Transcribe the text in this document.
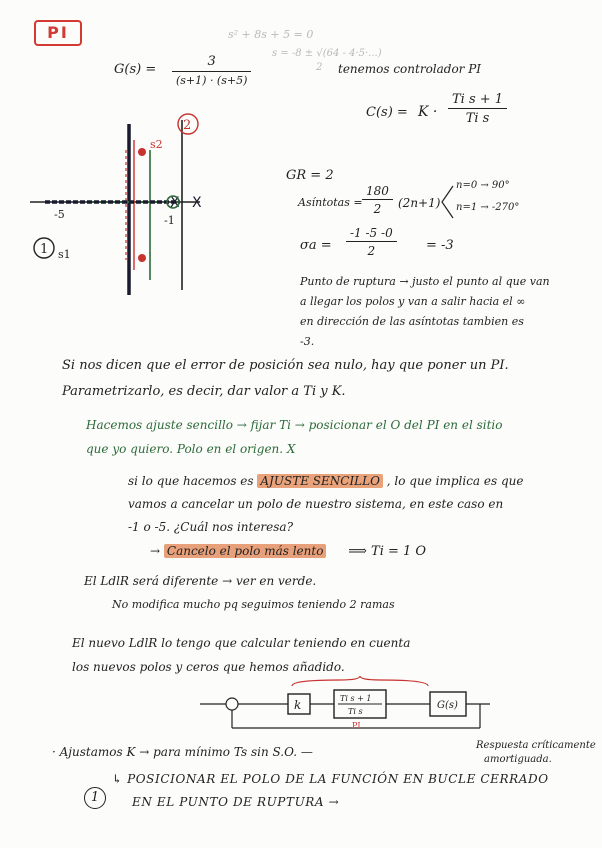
PI	s² + 8s + 5 = 0
s = -8 ± √(64 - 4·5·...)
2
$G(s) = \frac{3}{(s+1) \cdot (s+5)}$	tenemos controlador PI
$C(s) = K \cdot \frac{\text{Ti s + 1}}{\text{Ti s}}$
X X
2
s2
1 s1
-5	-1
GR = 2
Asíntotas = $\frac{180}{2} (2n+1)$
n=0 → 90°
n=1 → -270°
$\sigma a = \frac{-1 -5 -0}{2} = -3$
Punto de ruptura → justo el punto al que van
a llegar los polos y van a salir hacia el ∞
en dirección de las asíntotas tambien es
-3.
Si nos dicen que el error de posición sea nulo, hay que poner un PI.
Parametrizarlo, es decir, dar valor a Ti y K.
Hacemos ajuste sencillo → fijar Ti → posicionar el O del PI en el sitio
que yo quiero. Polo en el origen. X
si lo que hacemos es AJUSTE SENCILLO , lo que implica es que
vamos a cancelar un polo de nuestro sistema, en este caso en
-1 o -5. ¿Cuál nos interesa?
→ Cancelo el polo más lento ⟹ Ti = 1 O
El LdlR será diferente → ver en verde.
No modifica mucho pq seguimos teniendo 2 ramas
El nuevo LdlR lo tengo que calcular teniendo en cuenta
los nuevos polos y ceros que hemos añadido.
k	Ti s + 1
Ti s
PI
G(s)
· Ajustamos K → para mínimo Ts sin S.O. —	Respuesta críticamente
amortiguada.
1
↳ POSICIONAR EL POLO DE LA FUNCIÓN EN BUCLE CERRADO
EN EL PUNTO DE RUPTURA →
